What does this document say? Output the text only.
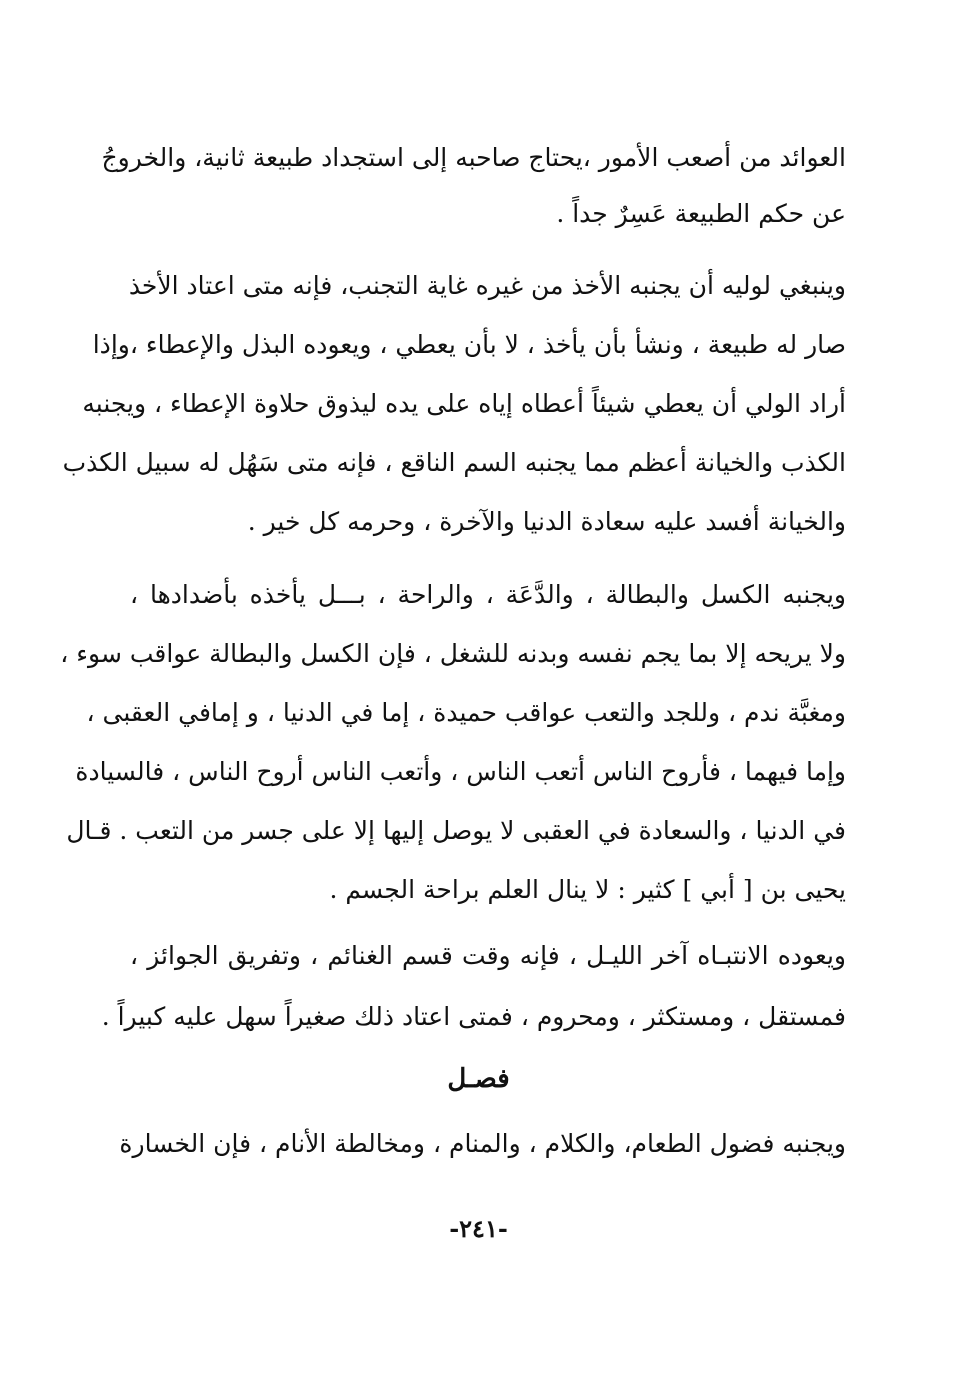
العوائد من أصعب الأمور ،يحتاج صاحبه إلى استجداد طبيعة ثانية، والخروجُ
عن حكم الطبيعة عَسِرٌ جداً .
وينبغي لوليه أن يجنبه الأخذ من غيره غاية التجنب، فإنه متى اعتاد الأخذ
صار له طبيعة ، ونشأ بأن يأخذ ، لا بأن يعطي ، ويعوده البذل والإعطاء ،وإذا
أراد الولي أن يعطي شيئاً أعطاه إياه على يده ليذوق حلاوة الإعطاء ، ويجنبه
الكذب والخيانة أعظم مما يجنبه السم الناقع ، فإنه متى سَهُل له سبيل الكذب
والخيانة أفسد عليه سعادة الدنيا والآخرة ، وحرمه كل خير .
ويجنبه الكسل والبطالة ، والدَّعَة ، والراحة ، بـــل يأخذه بأضدادها ،
ولا يريحه إلا بما يجم نفسه وبدنه للشغل ، فإن الكسل والبطالة عواقب سوء ،
ومغبَّة ندم ، وللجد والتعب عواقب حميدة ، إما في الدنيا ، و إمافي العقبى ،
وإما فيهما ، فأروح الناس أتعب الناس ، وأتعب الناس أروح الناس ، فالسيادة
في الدنيا ، والسعادة في العقبى لا يوصل إليها إلا على جسر من التعب . قـال
يحيى بن [ أبي ] كثير : لا ينال العلم براحة الجسم .
ويعوده الانتبـاه آخر الليـل ، فإنه وقت قسم الغنائم ، وتفريق الجوائز ،
فمستقل ، ومستكثر ، ومحروم ، فمتى اعتاد ذلك صغيراً سهل عليه كبيراً .
فصـل
ويجنبه فضول الطعام، والكلام ، والمنام ، ومخالطة الأنام ، فإن الخسارة
-٢٤١-
